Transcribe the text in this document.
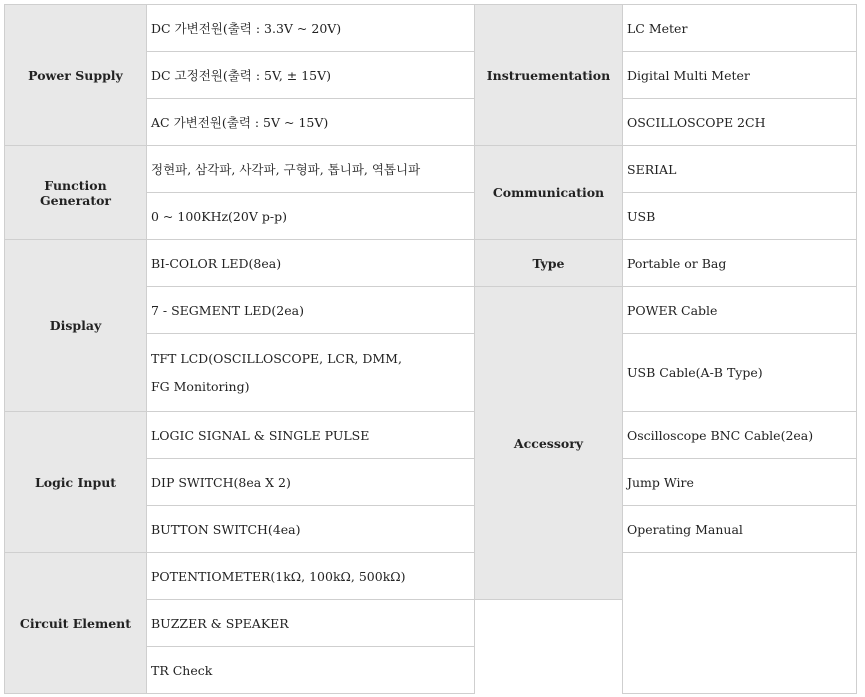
Power Supply	DC 가변전원(출력 : 3.3V ~ 20V)	Instruementation	LC Meter
	DC 고정전원(출력 : 5V, ± 15V)		Digital Multi Meter
	AC 가변전원(출력 : 5V ~ 15V)		OSCILLOSCOPE 2CH
Function Generator	정현파, 삼각파, 사각파, 구형파, 톱니파, 역톱니파	Communication	SERIAL
	0 ~ 100KHz(20V p-p)		USB
Display	BI-COLOR LED(8ea)	Type	Portable or Bag
	7 - SEGMENT LED(2ea)	Accessory	POWER Cable
	TFT LCD(OSCILLOSCOPE, LCR, DMM,
FG Monitoring)		USB Cable(A-B Type)
Logic Input	LOGIC SIGNAL & SINGLE PULSE		Oscilloscope BNC Cable(2ea)
	DIP SWITCH(8ea X 2)		Jump Wire
	BUTTON SWITCH(4ea)		Operating Manual
Circuit Element	POTENTIOMETER(1kΩ, 100kΩ, 500kΩ)		
	BUZZER & SPEAKER		
	TR Check		
